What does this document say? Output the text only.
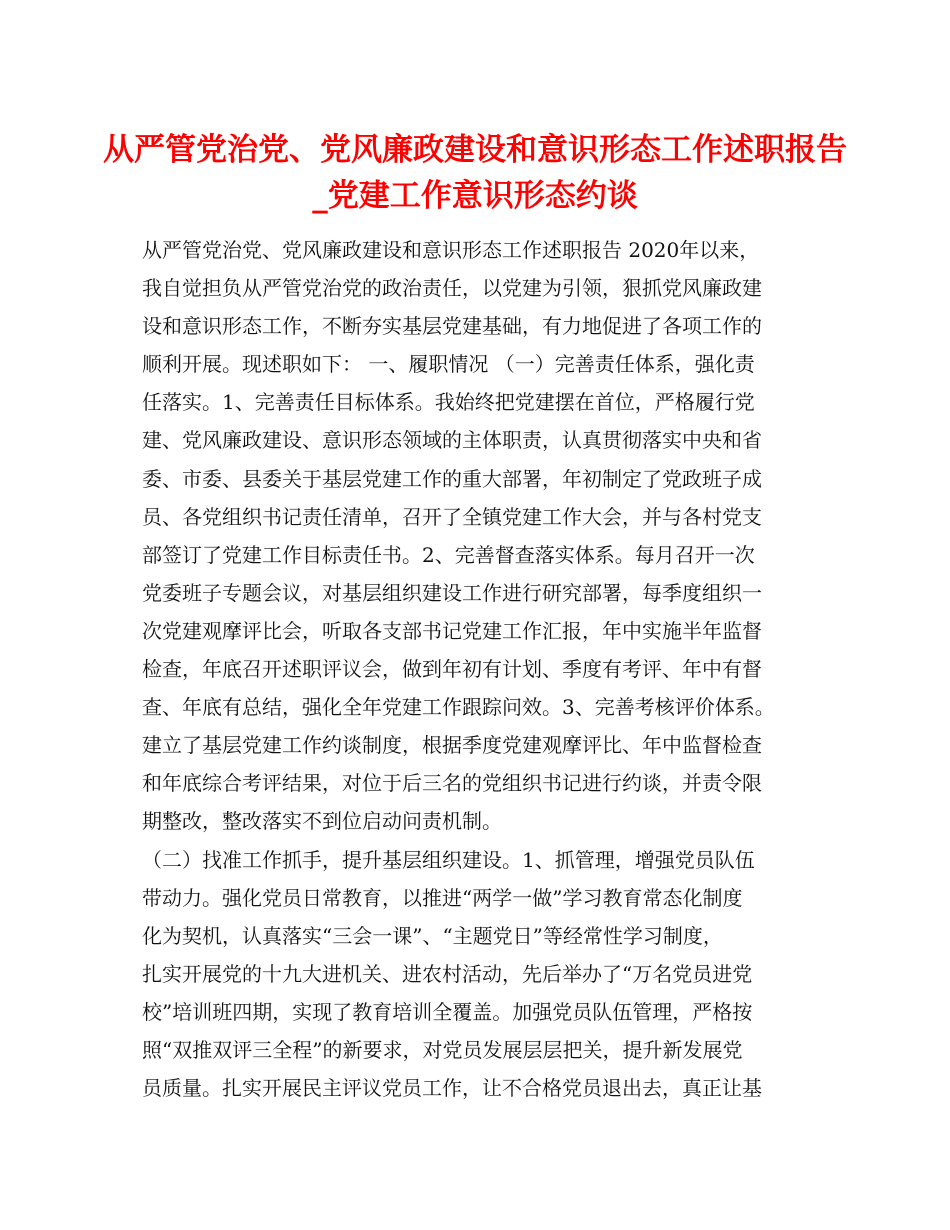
从严管党治党、党风廉政建设和意识形态工作述职报告
_党建工作意识形态约谈
从严管党治党、党风廉政建设和意识形态工作述职报告 2020年以来，
我自觉担负从严管党治党的政治责任，以党建为引领，狠抓党风廉政建
设和意识形态工作，不断夯实基层党建基础，有力地促进了各项工作的
顺利开展。现述职如下： 一、履职情况 （一）完善责任体系，强化责
任落实。1、完善责任目标体系。我始终把党建摆在首位，严格履行党
建、党风廉政建设、意识形态领域的主体职责，认真贯彻落实中央和省
委、市委、县委关于基层党建工作的重大部署，年初制定了党政班子成
员、各党组织书记责任清单，召开了全镇党建工作大会，并与各村党支
部签订了党建工作目标责任书。2、完善督查落实体系。每月召开一次
党委班子专题会议，对基层组织建设工作进行研究部署，每季度组织一
次党建观摩评比会，听取各支部书记党建工作汇报，年中实施半年监督
检查，年底召开述职评议会，做到年初有计划、季度有考评、年中有督
查、年底有总结，强化全年党建工作跟踪问效。3、完善考核评价体系。
建立了基层党建工作约谈制度，根据季度党建观摩评比、年中监督检查
和年底综合考评结果，对位于后三名的党组织书记进行约谈，并责令限
期整改，整改落实不到位启动问责机制。
（二）找准工作抓手，提升基层组织建设。1、抓管理，增强党员队伍
带动力。强化党员日常教育，以推进“两学一做”学习教育常态化制度
化为契机，认真落实“三会一课”、“主题党日”等经常性学习制度，
扎实开展党的十九大进机关、进农村活动，先后举办了“万名党员进党
校”培训班四期，实现了教育培训全覆盖。加强党员队伍管理，严格按
照“双推双评三全程”的新要求，对党员发展层层把关，提升新发展党
员质量。扎实开展民主评议党员工作，让不合格党员退出去，真正让基
